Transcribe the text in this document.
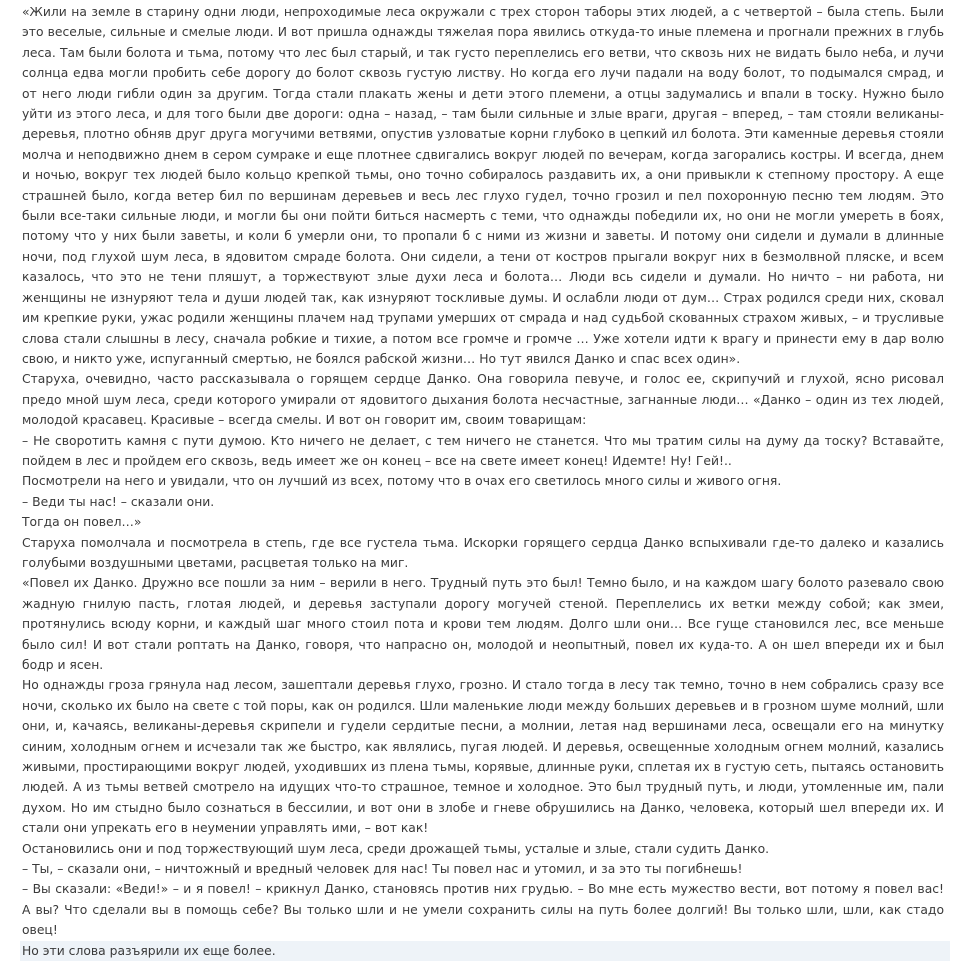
«Жили на земле в старину одни люди, непроходимые леса окружали с трех сторон таборы этих людей, а с четвертой – была степь. Были это веселые, сильные и смелые люди. И вот пришла однажды тяжелая пора явились откуда-то иные племена и прогнали прежних в глубь леса. Там были болота и тьма, потому что лес был старый, и так густо переплелись его ветви, что сквозь них не видать было неба, и лучи солнца едва могли пробить себе дорогу до болот сквозь густую листву. Но когда его лучи падали на воду болот, то подымался смрад, и от него люди гибли один за другим. Тогда стали плакать жены и дети этого племени, а отцы задумались и впали в тоску. Нужно было уйти из этого леса, и для того были две дороги: одна – назад, – там были сильные и злые враги, другая – вперед, – там стояли великаны-деревья, плотно обняв друг друга могучими ветвями, опустив узловатые корни глубоко в цепкий ил болота. Эти каменные деревья стояли молча и неподвижно днем в сером сумраке и еще плотнее сдвигались вокруг людей по вечерам, когда загорались костры. И всегда, днем и ночью, вокруг тех людей было кольцо крепкой тьмы, оно точно собиралось раздавить их, а они привыкли к степному простору. А еще страшней было, когда ветер бил по вершинам деревьев и весь лес глухо гудел, точно грозил и пел похоронную песню тем людям. Это были все-таки сильные люди, и могли бы они пойти биться насмерть с теми, что однажды победили их, но они не могли умереть в боях, потому что у них были заветы, и коли б умерли они, то пропали б с ними из жизни и заветы. И потому они сидели и думали в длинные ночи, под глухой шум леса, в ядовитом смраде болота. Они сидели, а тени от костров прыгали вокруг них в безмолвной пляске, и всем казалось, что это не тени пляшут, а торжествуют злые духи леса и болота… Люди всь сидели и думали. Но ничто – ни работа, ни женщины не изнуряют тела и души людей так, как изнуряют тоскливые думы. И ослабли люди от дум… Страх родился среди них, сковал им крепкие руки, ужас родили женщины плачем над трупами умерших от смрада и над судьбой скованных страхом живых, – и трусливые слова стали слышны в лесу, сначала робкие и тихие, а потом все громче и громче … Уже хотели идти к врагу и принести ему в дар волю свою, и никто уже, испуганный смертью, не боялся рабской жизни… Но тут явился Данко и спас всех один».

Старуха, очевидно, часто рассказывала о горящем сердце Данко. Она говорила певуче, и голос ее, скрипучий и глухой, ясно рисовал предо мной шум леса, среди которого умирали от ядовитого дыхания болота несчастные, загнанные люди… «Данко – один из тех людей, молодой красавец. Красивые – всегда смелы. И вот он говорит им, своим товарищам:

– Не своротить камня с пути думою. Кто ничего не делает, с тем ничего не станется. Что мы тратим силы на думу да тоску? Вставайте, пойдем в лес и пройдем его сквозь, ведь имеет же он конец – все на свете имеет конец! Идемте! Ну! Гей!..

Посмотрели на него и увидали, что он лучший из всех, потому что в очах его светилось много силы и живого огня.

– Веди ты нас! – сказали они.

Тогда он повел…»

Старуха помолчала и посмотрела в степь, где все густела тьма. Искорки горящего сердца Данко вспыхивали где-то далеко и казались голубыми воздушными цветами, расцветая только на миг.

«Повел их Данко. Дружно все пошли за ним – верили в него. Трудный путь это был! Темно было, и на каждом шагу болото разевало свою жадную гнилую пасть, глотая людей, и деревья заступали дорогу могучей стеной. Переплелись их ветки между собой; как змеи, протянулись всюду корни, и каждый шаг много стоил пота и крови тем людям. Долго шли они… Все гуще становился лес, все меньше было сил! И вот стали роптать на Данко, говоря, что напрасно он, молодой и неопытный, повел их куда-то. А он шел впереди их и был бодр и ясен.

Но однажды гроза грянула над лесом, зашептали деревья глухо, грозно. И стало тогда в лесу так темно, точно в нем собрались сразу все ночи, сколько их было на свете с той поры, как он родился. Шли маленькие люди между больших деревьев и в грозном шуме молний, шли они, и, качаясь, великаны-деревья скрипели и гудели сердитые песни, а молнии, летая над вершинами леса, освещали его на минутку синим, холодным огнем и исчезали так же быстро, как являлись, пугая людей. И деревья, освещенные холодным огнем молний, казались живыми, простирающими вокруг людей, уходивших из плена тьмы, корявые, длинные руки, сплетая их в густую сеть, пытаясь остановить людей. А из тьмы ветвей смотрело на идущих что-то страшное, темное и холодное. Это был трудный путь, и люди, утомленные им, пали духом. Но им стыдно было сознаться в бессилии, и вот они в злобе и гневе обрушились на Данко, человека, который шел впереди их. И стали они упрекать его в неумении управлять ими, – вот как!

Остановились они и под торжествующий шум леса, среди дрожащей тьмы, усталые и злые, стали судить Данко.

– Ты, – сказали они, – ничтожный и вредный человек для нас! Ты повел нас и утомил, и за это ты погибнешь!

– Вы сказали: «Веди!» – и я повел! – крикнул Данко, становясь против них грудью. – Во мне есть мужество вести, вот потому я повел вас! А вы? Что сделали вы в помощь себе? Вы только шли и не умели сохранить силы на путь более долгий! Вы только шли, шли, как стадо овец!

Но эти слова разъярили их еще более.
